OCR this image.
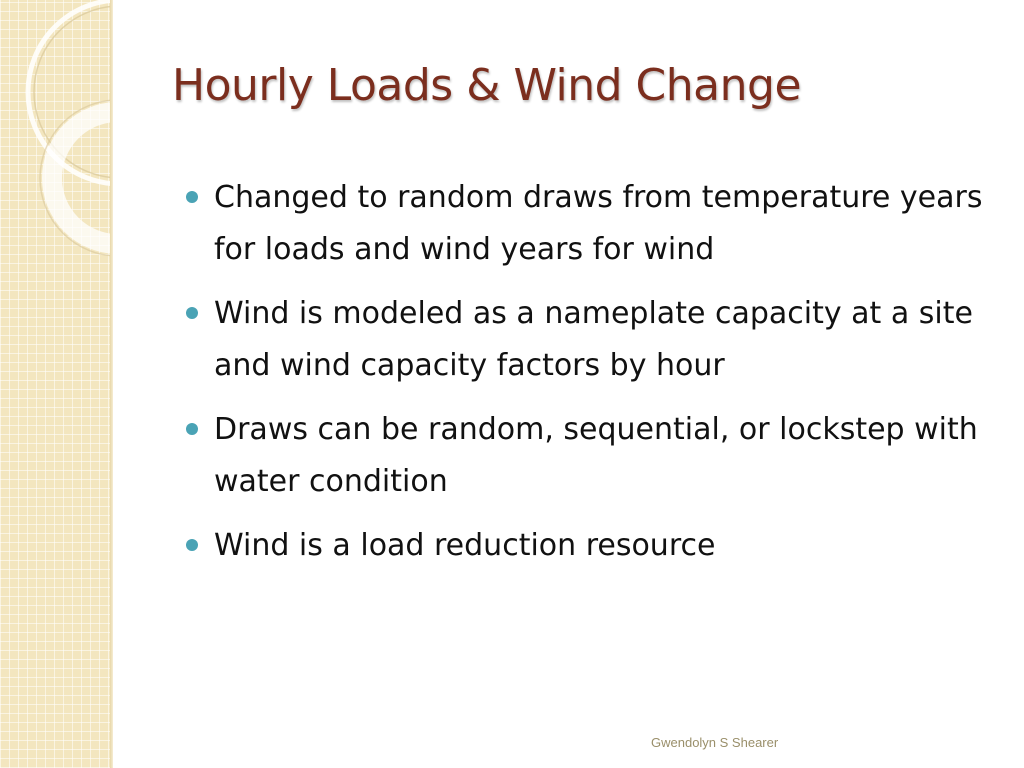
Hourly Loads & Wind Change
Changed to random draws from temperature years for loads and wind years for wind
Wind is modeled as a nameplate capacity at a site and wind capacity factors by hour
Draws can be random, sequential, or lockstep with water condition
Wind is a load reduction resource
Gwendolyn S Shearer
